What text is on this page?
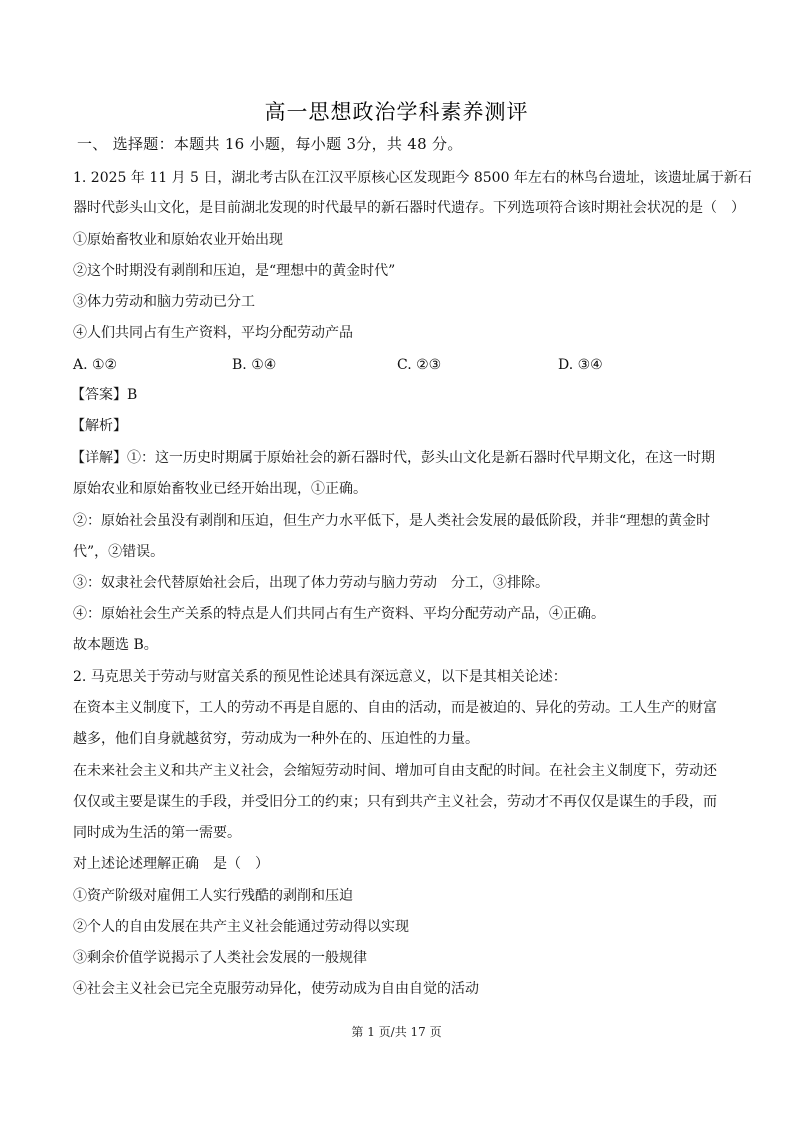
高一思想政治学科素养测评
一、 选择题：本题共 16 小题，每小题 3分，共 48 分。
1. 2025 年 11 月 5 日，湖北考古队在江汉平原核心区发现距今 8500 年左右的林鸟台遗址，该遗址属于新石
器时代彭头山文化，是目前湖北发现的时代最早的新石器时代遗存。下列选项符合该时期社会状况的是（　）
①原始畜牧业和原始农业开始出现
②这个时期没有剥削和压迫，是“理想中的黄金时代”
③体力劳动和脑力劳动已分工
④人们共同占有生产资料，平均分配劳动产品
A. ①②	B. ①④	C. ②③	D. ③④
【答案】B
【解析】
【详解】①：这一历史时期属于原始社会的新石器时代，彭头山文化是新石器时代早期文化，在这一时期
原始农业和原始畜牧业已经开始出现，①正确。
②：原始社会虽没有剥削和压迫，但生产力水平低下，是人类社会发展的最低阶段，并非“理想的黄金时
代”，②错误。
③：奴隶社会代替原始社会后，出现了体力劳动与脑力劳动　分工，③排除。
④：原始社会生产关系的特点是人们共同占有生产资料、平均分配劳动产品，④正确。
故本题选 B。
2. 马克思关于劳动与财富关系的预见性论述具有深远意义，以下是其相关论述：
在资本主义制度下，工人的劳动不再是自愿的、自由的活动，而是被迫的、异化的劳动。工人生产的财富
越多，他们自身就越贫穷，劳动成为一种外在的、压迫性的力量。
在未来社会主义和共产主义社会，会缩短劳动时间、增加可自由支配的时间。在社会主义制度下，劳动还
仅仅或主要是谋生的手段，并受旧分工的约束；只有到共产主义社会，劳动才不再仅仅是谋生的手段，而
同时成为生活的第一需要。
对上述论述理解正确　是（　）
①资产阶级对雇佣工人实行残酷的剥削和压迫
②个人的自由发展在共产主义社会能通过劳动得以实现
③剩余价值学说揭示了人类社会发展的一般规律
④社会主义社会已完全克服劳动异化，使劳动成为自由自觉的活动
第 1 页/共 17 页
